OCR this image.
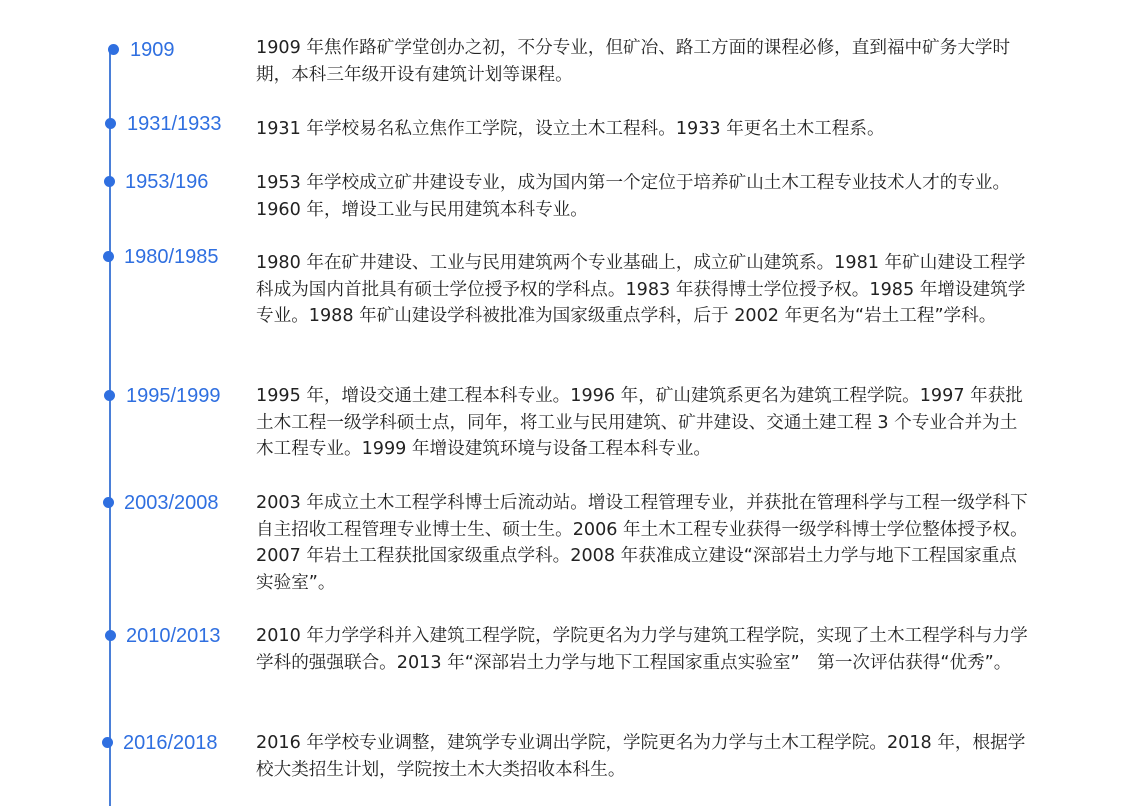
1909	1909 年焦作路矿学堂创办之初，不分专业，但矿冶、路工方面的课程必修，直到福中矿务大学时期，本科三年级开设有建筑计划等课程。

1931/1933	1931 年学校易名私立焦作工学院，设立土木工程科。1933 年更名土木工程系。

1953/196	1953 年学校成立矿井建设专业，成为国内第一个定位于培养矿山土木工程专业技术人才的专业。1960 年，增设工业与民用建筑本科专业。

1980/1985	1980 年在矿井建设、工业与民用建筑两个专业基础上，成立矿山建筑系。1981 年矿山建设工程学科成为国内首批具有硕士学位授予权的学科点。1983 年获得博士学位授予权。1985 年增设建筑学专业。1988 年矿山建设学科被批准为国家级重点学科，后于 2002 年更名为“岩土工程”学科。

1995/1999	1995 年，增设交通土建工程本科专业。1996 年，矿山建筑系更名为建筑工程学院。1997 年获批土木工程一级学科硕士点，同年，将工业与民用建筑、矿井建设、交通土建工程 3 个专业合并为土木工程专业。1999 年增设建筑环境与设备工程本科专业。

2003/2008	2003 年成立土木工程学科博士后流动站。增设工程管理专业，并获批在管理科学与工程一级学科下自主招收工程管理专业博士生、硕士生。2006 年土木工程专业获得一级学科博士学位整体授予权。2007 年岩土工程获批国家级重点学科。2008 年获准成立建设“深部岩土力学与地下工程国家重点实验室”。

2010/2013	2010 年力学学科并入建筑工程学院，学院更名为力学与建筑工程学院，实现了土木工程学科与力学学科的强强联合。2013 年“深部岩土力学与地下工程国家重点实验室”　第一次评估获得“优秀”。

2016/2018	2016 年学校专业调整，建筑学专业调出学院，学院更名为力学与土木工程学院。2018 年，根据学校大类招生计划，学院按土木大类招收本科生。
